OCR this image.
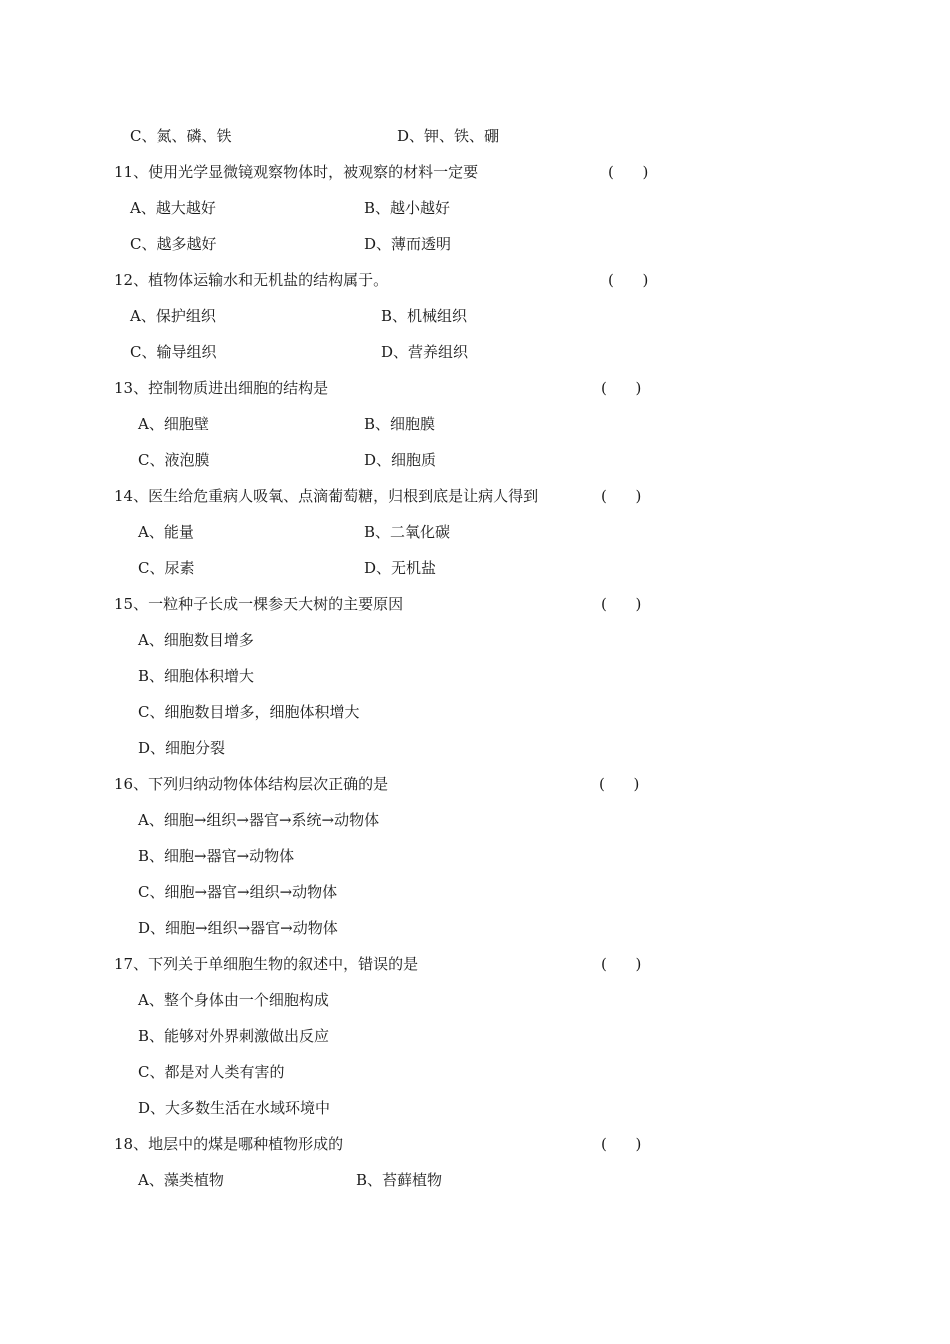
C、氮、磷、铁	D、钾、铁、硼
11、使用光学显微镜观察物体时，被观察的材料一定要	(      )
A、越大越好	B、越小越好
C、越多越好	D、薄而透明
12、植物体运输水和无机盐的结构属于。	(      )
A、保护组织	B、机械组织
C、输导组织	D、营养组织
13、控制物质进出细胞的结构是	(      )
A、细胞壁	B、细胞膜
C、液泡膜	D、细胞质
14、医生给危重病人吸氧、点滴葡萄糖，归根到底是让病人得到	(      )
A、能量	B、二氧化碳
C、尿素	D、无机盐
15、一粒种子长成一棵参天大树的主要原因	(      )
A、细胞数目增多
B、细胞体积增大
C、细胞数目增多，细胞体积增大
D、细胞分裂
16、下列归纳动物体体结构层次正确的是	(      )
A、细胞→组织→器官→系统→动物体
B、细胞→器官→动物体
C、细胞→器官→组织→动物体
D、细胞→组织→器官→动物体
17、下列关于单细胞生物的叙述中，错误的是	(      )
A、整个身体由一个细胞构成
B、能够对外界刺激做出反应
C、都是对人类有害的
D、大多数生活在水域环境中
18、地层中的煤是哪种植物形成的	(      )
A、藻类植物	B、苔藓植物
